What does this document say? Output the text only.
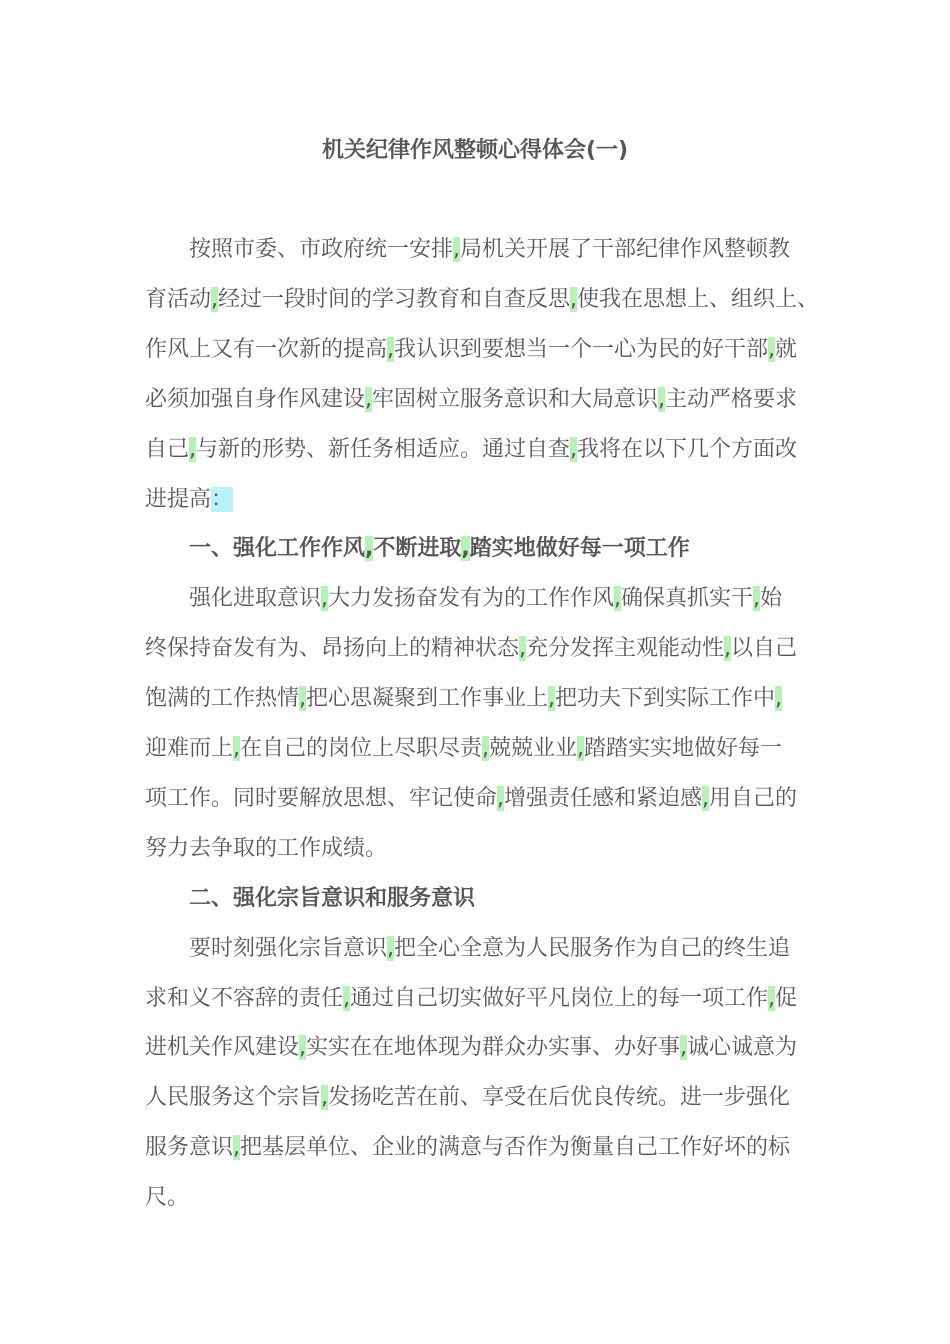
机关纪律作风整顿心得体会(一)

按照市委、市政府统一安排,局机关开展了干部纪律作风整顿教

育活动,经过一段时间的学习教育和自查反思,使我在思想上、组织上、

作风上又有一次新的提高,我认识到要想当一个一心为民的好干部,就

必须加强自身作风建设,牢固树立服务意识和大局意识,主动严格要求

自己,与新的形势、新任务相适应。通过自查,我将在以下几个方面改

进提高：

一、强化工作作风,不断进取,踏实地做好每一项工作

强化进取意识,大力发扬奋发有为的工作作风,确保真抓实干,始

终保持奋发有为、昂扬向上的精神状态,充分发挥主观能动性,以自己

饱满的工作热情,把心思凝聚到工作事业上,把功夫下到实际工作中,

迎难而上,在自己的岗位上尽职尽责,兢兢业业,踏踏实实地做好每一

项工作。同时要解放思想、牢记使命,增强责任感和紧迫感,用自己的

努力去争取的工作成绩。

二、强化宗旨意识和服务意识

要时刻强化宗旨意识,把全心全意为人民服务作为自己的终生追

求和义不容辞的责任,通过自己切实做好平凡岗位上的每一项工作,促

进机关作风建设,实实在在地体现为群众办实事、办好事,诚心诚意为

人民服务这个宗旨,发扬吃苦在前、享受在后优良传统。进一步强化

服务意识,把基层单位、企业的满意与否作为衡量自己工作好坏的标

尺。
